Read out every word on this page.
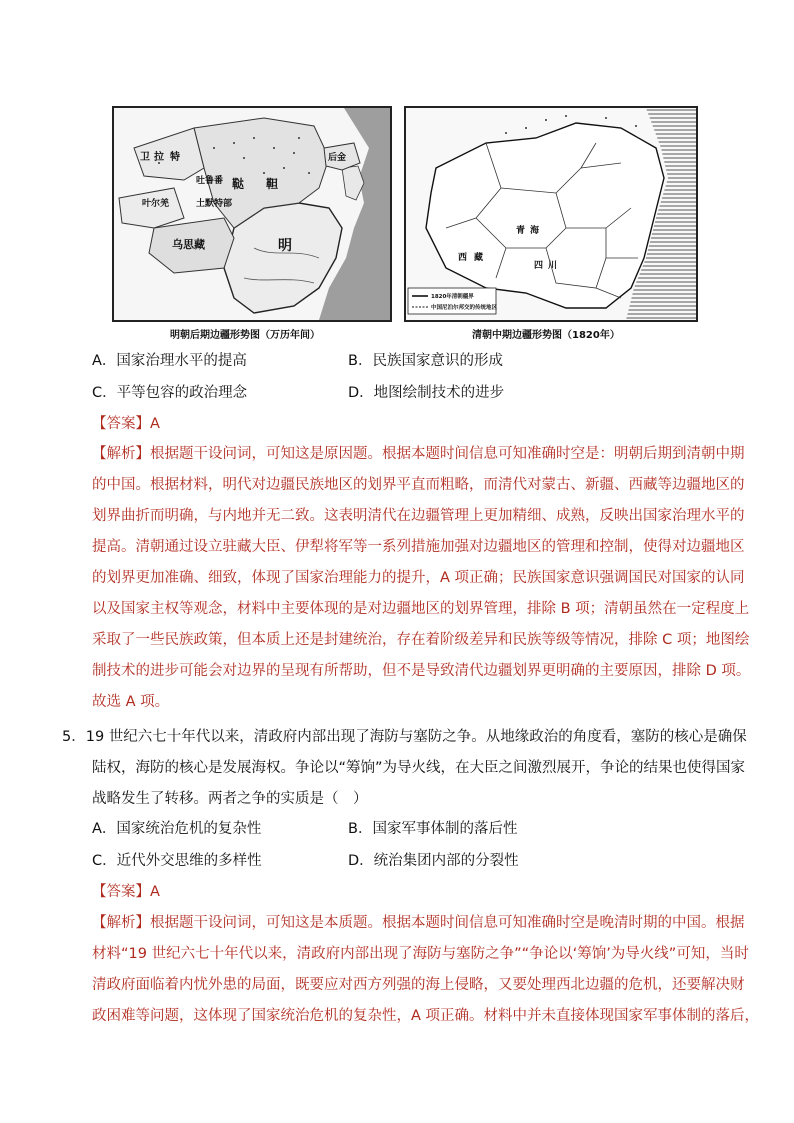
卫 拉 特
鞑 靼
后金
吐鲁番
叶尔羌	土默特部
乌思藏	明
西 藏
四 川
青 海
1820年清朝疆界
中国尼泊尔邦交的传统地区
明朝后期边疆形势图（万历年间）	清朝中期边疆形势图（1820年）
A．国家治理水平的提高	B．民族国家意识的形成
C．平等包容的政治理念	D．地图绘制技术的进步
【答案】A
【解析】根据题干设问词，可知这是原因题。根据本题时间信息可知准确时空是：明朝后期到清朝中期
的中国。根据材料，明代对边疆民族地区的划界平直而粗略，而清代对蒙古、新疆、西藏等边疆地区的
划界曲折而明确，与内地并无二致。这表明清代在边疆管理上更加精细、成熟，反映出国家治理水平的
提高。清朝通过设立驻藏大臣、伊犁将军等一系列措施加强对边疆地区的管理和控制，使得对边疆地区
的划界更加准确、细致，体现了国家治理能力的提升，A 项正确；民族国家意识强调国民对国家的认同
以及国家主权等观念，材料中主要体现的是对边疆地区的划界管理，排除 B 项；清朝虽然在一定程度上
采取了一些民族政策，但本质上还是封建统治，存在着阶级差异和民族等级等情况，排除 C 项；地图绘
制技术的进步可能会对边界的呈现有所帮助，但不是导致清代边疆划界更明确的主要原因，排除 D 项。
故选 A 项。
5．19 世纪六七十年代以来，清政府内部出现了海防与塞防之争。从地缘政治的角度看，塞防的核心是确保
陆权，海防的核心是发展海权。争论以“筹饷”为导火线，在大臣之间激烈展开，争论的结果也使得国家
战略发生了转移。两者之争的实质是（　）
A．国家统治危机的复杂性	B．国家军事体制的落后性
C．近代外交思维的多样性	D．统治集团内部的分裂性
【答案】A
【解析】根据题干设问词，可知这是本质题。根据本题时间信息可知准确时空是晚清时期的中国。根据
材料“19 世纪六七十年代以来，清政府内部出现了海防与塞防之争”“争论以‘筹饷’为导火线”可知，当时
清政府面临着内忧外患的局面，既要应对西方列强的海上侵略，又要处理西北边疆的危机，还要解决财
政困难等问题，这体现了国家统治危机的复杂性，A 项正确。材料中并未直接体现国家军事体制的落后，
